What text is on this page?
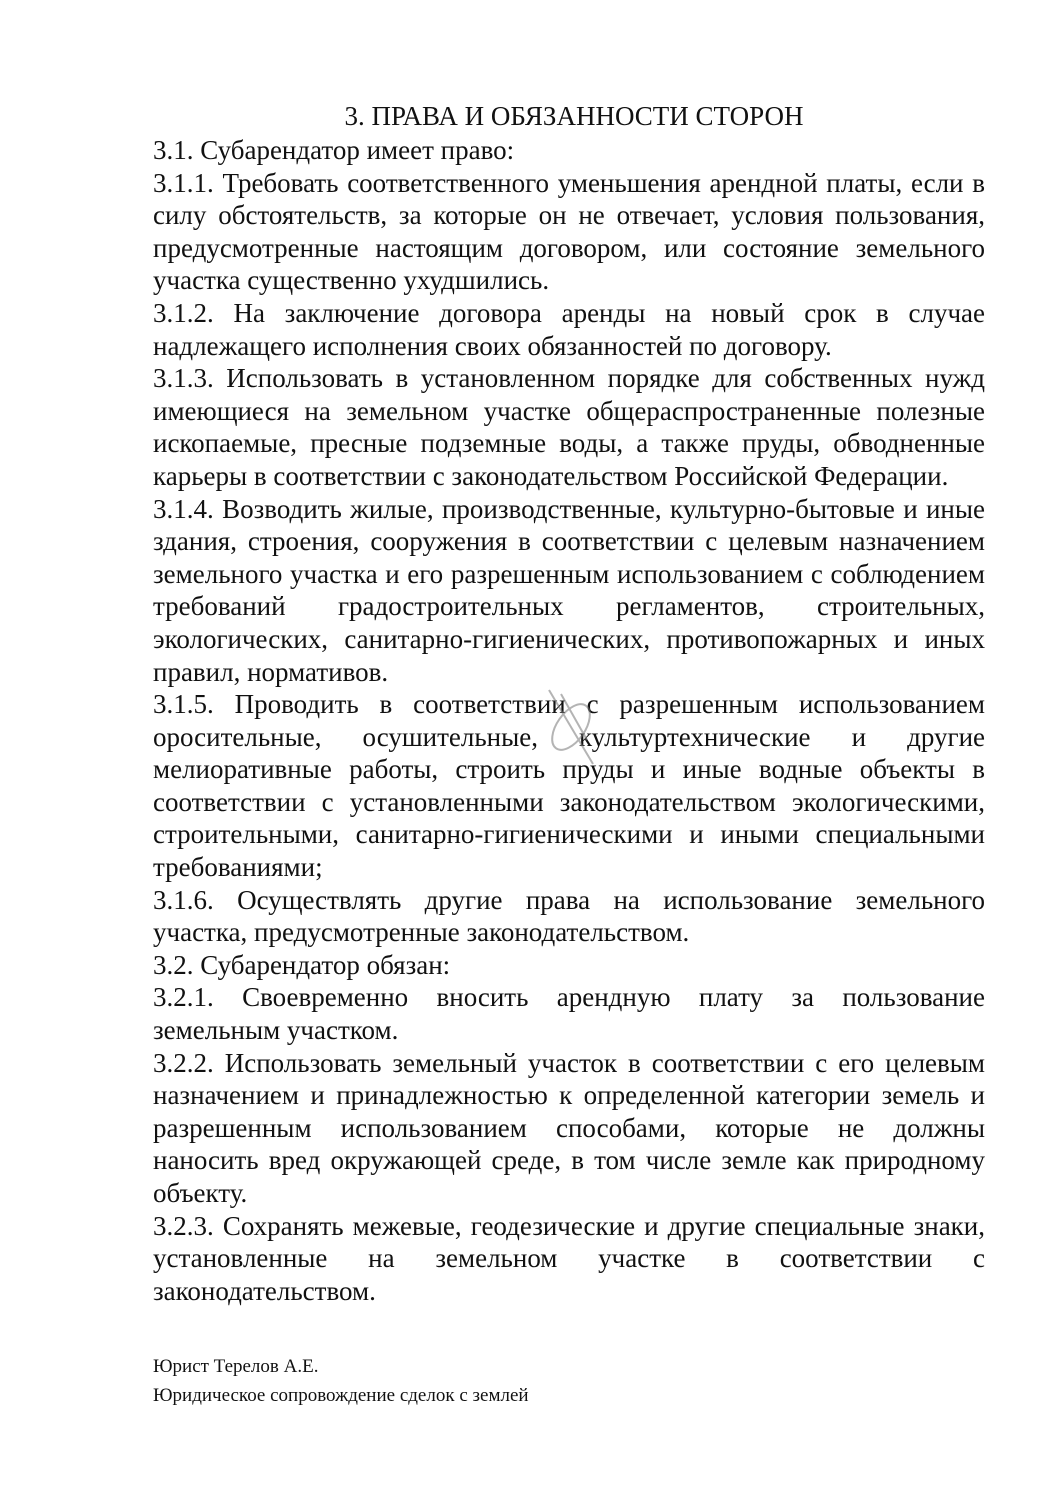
3. ПРАВА И ОБЯЗАННОСТИ СТОРОН
3.1. Субарендатор имеет право:
3.1.1. Требовать соответственного уменьшения арендной платы, если в силу обстоятельств, за которые он не отвечает, условия пользования, предусмотренные настоящим договором, или состояние земельного участка существенно ухудшились.
3.1.2. На заключение договора аренды на новый срок в случае надлежащего исполнения своих обязанностей по договору.
3.1.3. Использовать в установленном порядке для собственных нужд имеющиеся на земельном участке общераспространенные полезные ископаемые, пресные подземные воды, а также пруды, обводненные карьеры в соответствии с законодательством Российской Федерации.
3.1.4. Возводить жилые, производственные, культурно-бытовые и иные здания, строения, сооружения в соответствии с целевым назначением земельного участка и его разрешенным использованием с соблюдением требований градостроительных регламентов, строительных, экологических, санитарно-гигиенических, противопожарных и иных правил, нормативов.
3.1.5. Проводить в соответствии с разрешенным использованием оросительные, осушительные, культуртехнические и другие мелиоративные работы, строить пруды и иные водные объекты в соответствии с установленными законодательством экологическими, строительными, санитарно-гигиеническими и иными специальными требованиями;
3.1.6. Осуществлять другие права на использование земельного участка, предусмотренные законодательством.
3.2. Субарендатор обязан:
3.2.1. Своевременно вносить арендную плату за пользование земельным участком.
3.2.2. Использовать земельный участок в соответствии с его целевым назначением и принадлежностью к определенной категории земель и разрешенным использованием способами, которые не должны наносить вред окружающей среде, в том числе земле как природному объекту.
3.2.3. Сохранять межевые, геодезические и другие специальные знаки, установленные на земельном участке в соответствии с законодательством.
Юрист Терелов А.Е.
Юридическое сопровождение сделок с землей
